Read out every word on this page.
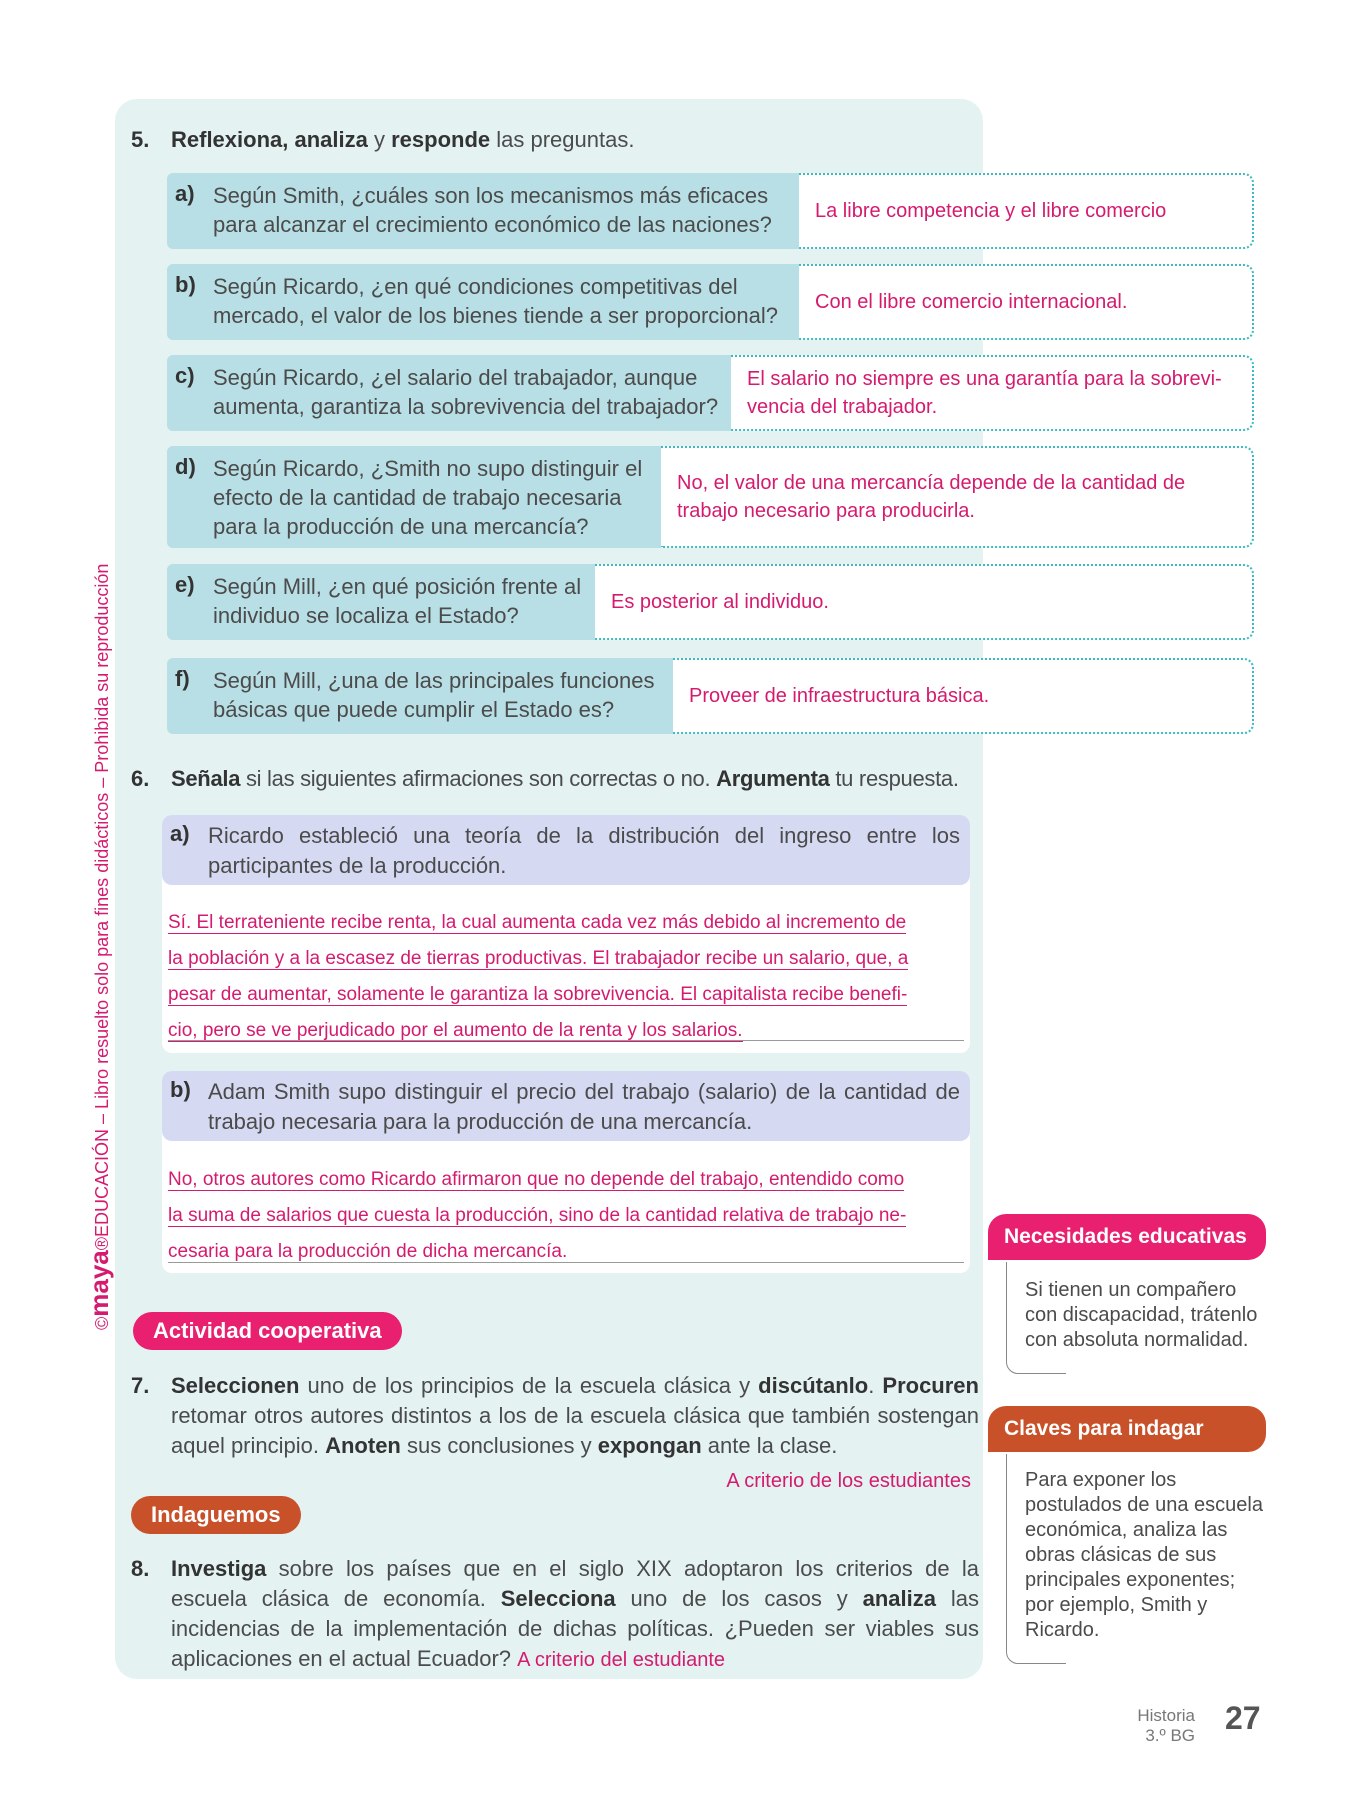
©maya®EDUCACIÓN – Libro resuelto solo para fines didácticos – Prohibida su reproducción
5. Reflexiona, analiza y responde las preguntas.
a) Según Smith, ¿cuáles son los mecanismos más eficaces para alcanzar el crecimiento económico de las naciones?
La libre competencia y el libre comercio
b) Según Ricardo, ¿en qué condiciones competitivas del mercado, el valor de los bienes tiende a ser proporcional?
Con el libre comercio internacional.
c) Según Ricardo, ¿el salario del trabajador, aunque aumenta, garantiza la sobrevivencia del trabajador?
El salario no siempre es una garantía para la sobrevi-vencia del trabajador.
d) Según Ricardo, ¿Smith no supo distinguir el efecto de la cantidad de trabajo necesaria para la producción de una mercancía?
No, el valor de una mercancía depende de la cantidad de trabajo necesario para producirla.
e) Según Mill, ¿en qué posición frente al individuo se localiza el Estado?
Es posterior al individuo.
f) Según Mill, ¿una de las principales funciones básicas que puede cumplir el Estado es?
Proveer de infraestructura básica.
6. Señala si las siguientes afirmaciones son correctas o no. Argumenta tu respuesta.
a) Ricardo estableció una teoría de la distribución del ingreso entre los participantes de la producción.
Sí. El terrateniente recibe renta, la cual aumenta cada vez más debido al incremento de
la población y a la escasez de tierras productivas. El trabajador recibe un salario, que, a
pesar de aumentar, solamente le garantiza la sobrevivencia. El capitalista recibe benefi-
cio, pero se ve perjudicado por el aumento de la renta y los salarios.
b) Adam Smith supo distinguir el precio del trabajo (salario) de la cantidad de trabajo necesaria para la producción de una mercancía.
No, otros autores como Ricardo afirmaron que no depende del trabajo, entendido como
la suma de salarios que cuesta la producción, sino de la cantidad relativa de trabajo ne-
cesaria para la producción de dicha mercancía.
Actividad cooperativa
7. Seleccionen uno de los principios de la escuela clásica y discútanlo. Procuren retomar otros autores distintos a los de la escuela clásica que también sostengan aquel principio. Anoten sus conclusiones y expongan ante la clase.
A criterio de los estudiantes
Indaguemos
8. Investiga sobre los países que en el siglo XIX adoptaron los criterios de la escuela clásica de economía. Selecciona uno de los casos y analiza las incidencias de la implementación de dichas políticas. ¿Pueden ser viables sus aplicaciones en el actual Ecuador? A criterio del estudiante
Necesidades educativas
Si tienen un compañero con discapacidad, trátenlo con absoluta normalidad.
Claves para indagar
Para exponer los postulados de una escuela económica, analiza las obras clásicas de sus principales exponentes; por ejemplo, Smith y Ricardo.
Historia
3.º BG 27
